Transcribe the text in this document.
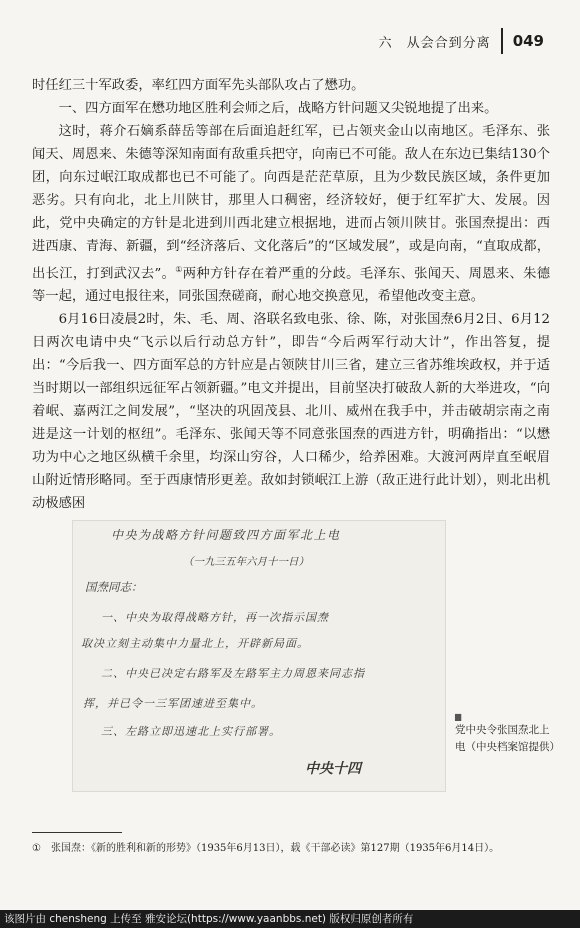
六　从会合到分离 049

时任红三十军政委，率红四方面军先头部队攻占了懋功。

一、四方面军在懋功地区胜利会师之后，战略方针问题又尖锐地提了出来。

这时，蒋介石嫡系薛岳等部在后面追赶红军，已占领夹金山以南地区。毛泽东、张闻天、周恩来、朱德等深知南面有敌重兵把守，向南已不可能。敌人在东边已集结130个团，向东过岷江取成都也已不可能了。向西是茫茫草原，且为少数民族区域，条件更加恶劣。只有向北，北上川陕甘，那里人口稠密，经济较好，便于红军扩大、发展。因此，党中央确定的方针是北进到川西北建立根据地，进而占领川陕甘。张国焘提出：西进西康、青海、新疆，到“经济落后、文化落后”的“区域发展”，或是向南，“直取成都，出长江，打到武汉去”。①两种方针存在着严重的分歧。毛泽东、张闻天、周恩来、朱德等一起，通过电报往来，同张国焘磋商，耐心地交换意见，希望他改变主意。

6月16日凌晨2时，朱、毛、周、洛联名致电张、徐、陈，对张国焘6月2日、6月12日两次电请中央“飞示以后行动总方针”，即告“今后两军行动大计”，作出答复，提出：“今后我一、四方面军总的方针应是占领陕甘川三省，建立三省苏维埃政权，并于适当时期以一部组织远征军占领新疆。”电文并提出，目前坚决打破敌人新的大举进攻，“向着岷、嘉两江之间发展”，“坚决的巩固茂县、北川、威州在我手中，并击破胡宗南之南进是这一计划的枢纽”。毛泽东、张闻天等不同意张国焘的西进方针，明确指出：“以懋功为中心之地区纵横千余里，均深山穷谷，人口稀少，给养困难。大渡河两岸直至岷眉山附近情形略同。至于西康情形更差。敌如封锁岷江上游（敌正进行此计划），则北出机动极感困

中央为战略方针问题致四方面军北上电
（一九三五年六月十一日）
国焘同志：
一、中央为取得战略方针，再一次指示国焘
取决立刻主动集中力量北上，开辟新局面。
二、中央已决定右路军及左路军主力周恩来同志指
挥，并已令一三军团速进至集中。
三、左路立即迅速北上实行部署。
中央十四
▆
党中央令张国焘北上电（中央档案馆提供）
① 张国焘：《新的胜利和新的形势》（1935年6月13日），载《干部必读》第127期（1935年6月14日）。
该图片由 chensheng 上传至 雅安论坛(https://www.yaanbbs.net) 版权归原创者所有
